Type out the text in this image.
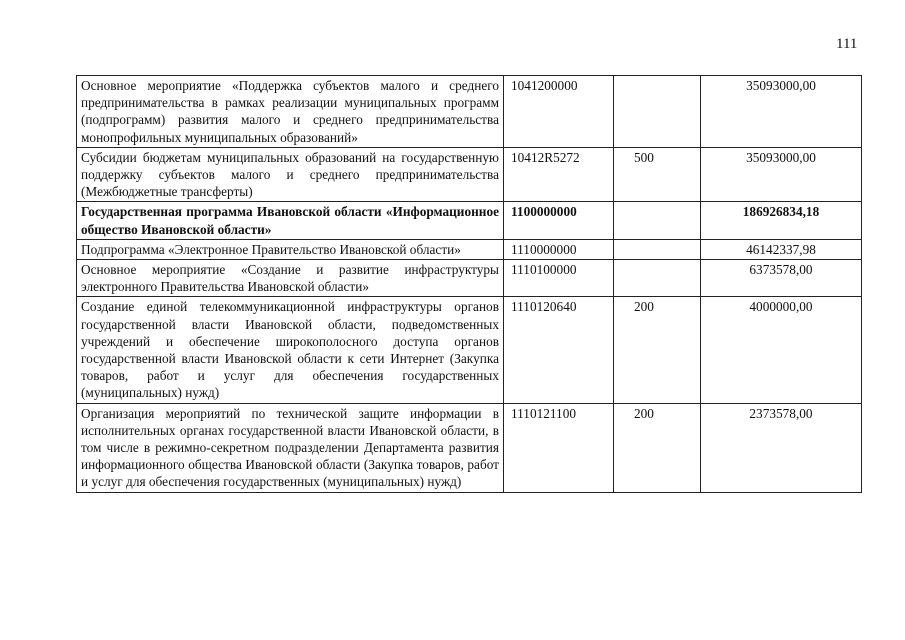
111
Основное мероприятие «Поддержка субъектов малого и среднего предпринимательства в рамках реализации муниципальных программ (подпрограмм) развития малого и среднего предпринимательства монопрофильных муниципальных образований»	1041200000		35093000,00
Субсидии бюджетам муниципальных образований на государственную поддержку субъектов малого и среднего предпринимательства (Межбюджетные трансферты)	10412R5272	500	35093000,00
Государственная программа Ивановской области «Информационное общество Ивановской области»	1100000000		186926834,18
Подпрограмма «Электронное Правительство Ивановской области»	1110000000		46142337,98
Основное мероприятие «Создание и развитие инфраструктуры электронного Правительства Ивановской области»	1110100000		6373578,00
Создание единой телекоммуникационной инфраструктуры органов государственной власти Ивановской области, подведомственных учреждений и обеспечение широкополосного доступа органов государственной власти Ивановской области к сети Интернет (Закупка товаров, работ и услуг для обеспечения государственных (муниципальных) нужд)	1110120640	200	4000000,00
Организация мероприятий по технической защите информации в исполнительных органах государственной власти Ивановской области, в том числе в режимно-секретном подразделении Департамента развития информационного общества Ивановской области (Закупка товаров, работ и услуг для обеспечения государственных (муниципальных) нужд)	1110121100	200	2373578,00
